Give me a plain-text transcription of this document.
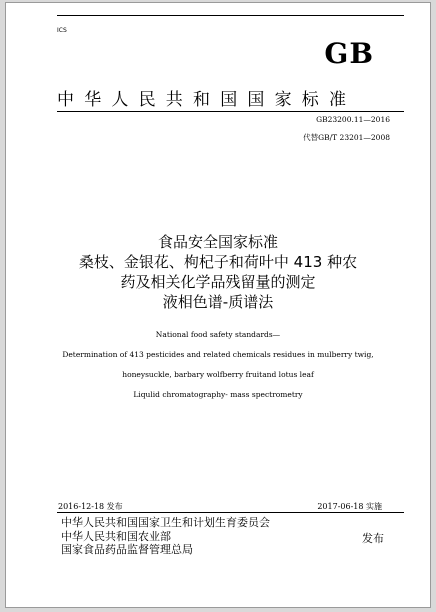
ICS
GB
中华人民共和国国家标准
GB23200.11—2016
代替GB/T 23201—2008

食品安全国家标准

桑枝、金银花、枸杞子和荷叶中 413 种农

药及相关化学品残留量的测定

液相色谱-质谱法

National food safety standards—

Determination of 413 pesticides and related chemicals residues in mulberry twig,

honeysuckle, barbary wolfberry fruitand lotus leaf

Liqulid chromatography- mass spectrometry

2016-12-18 发布	2017-06-18 实施

中华人民共和国国家卫生和计划生育委员会

中华人民共和国农业部

国家食品药品监督管理总局

发布
